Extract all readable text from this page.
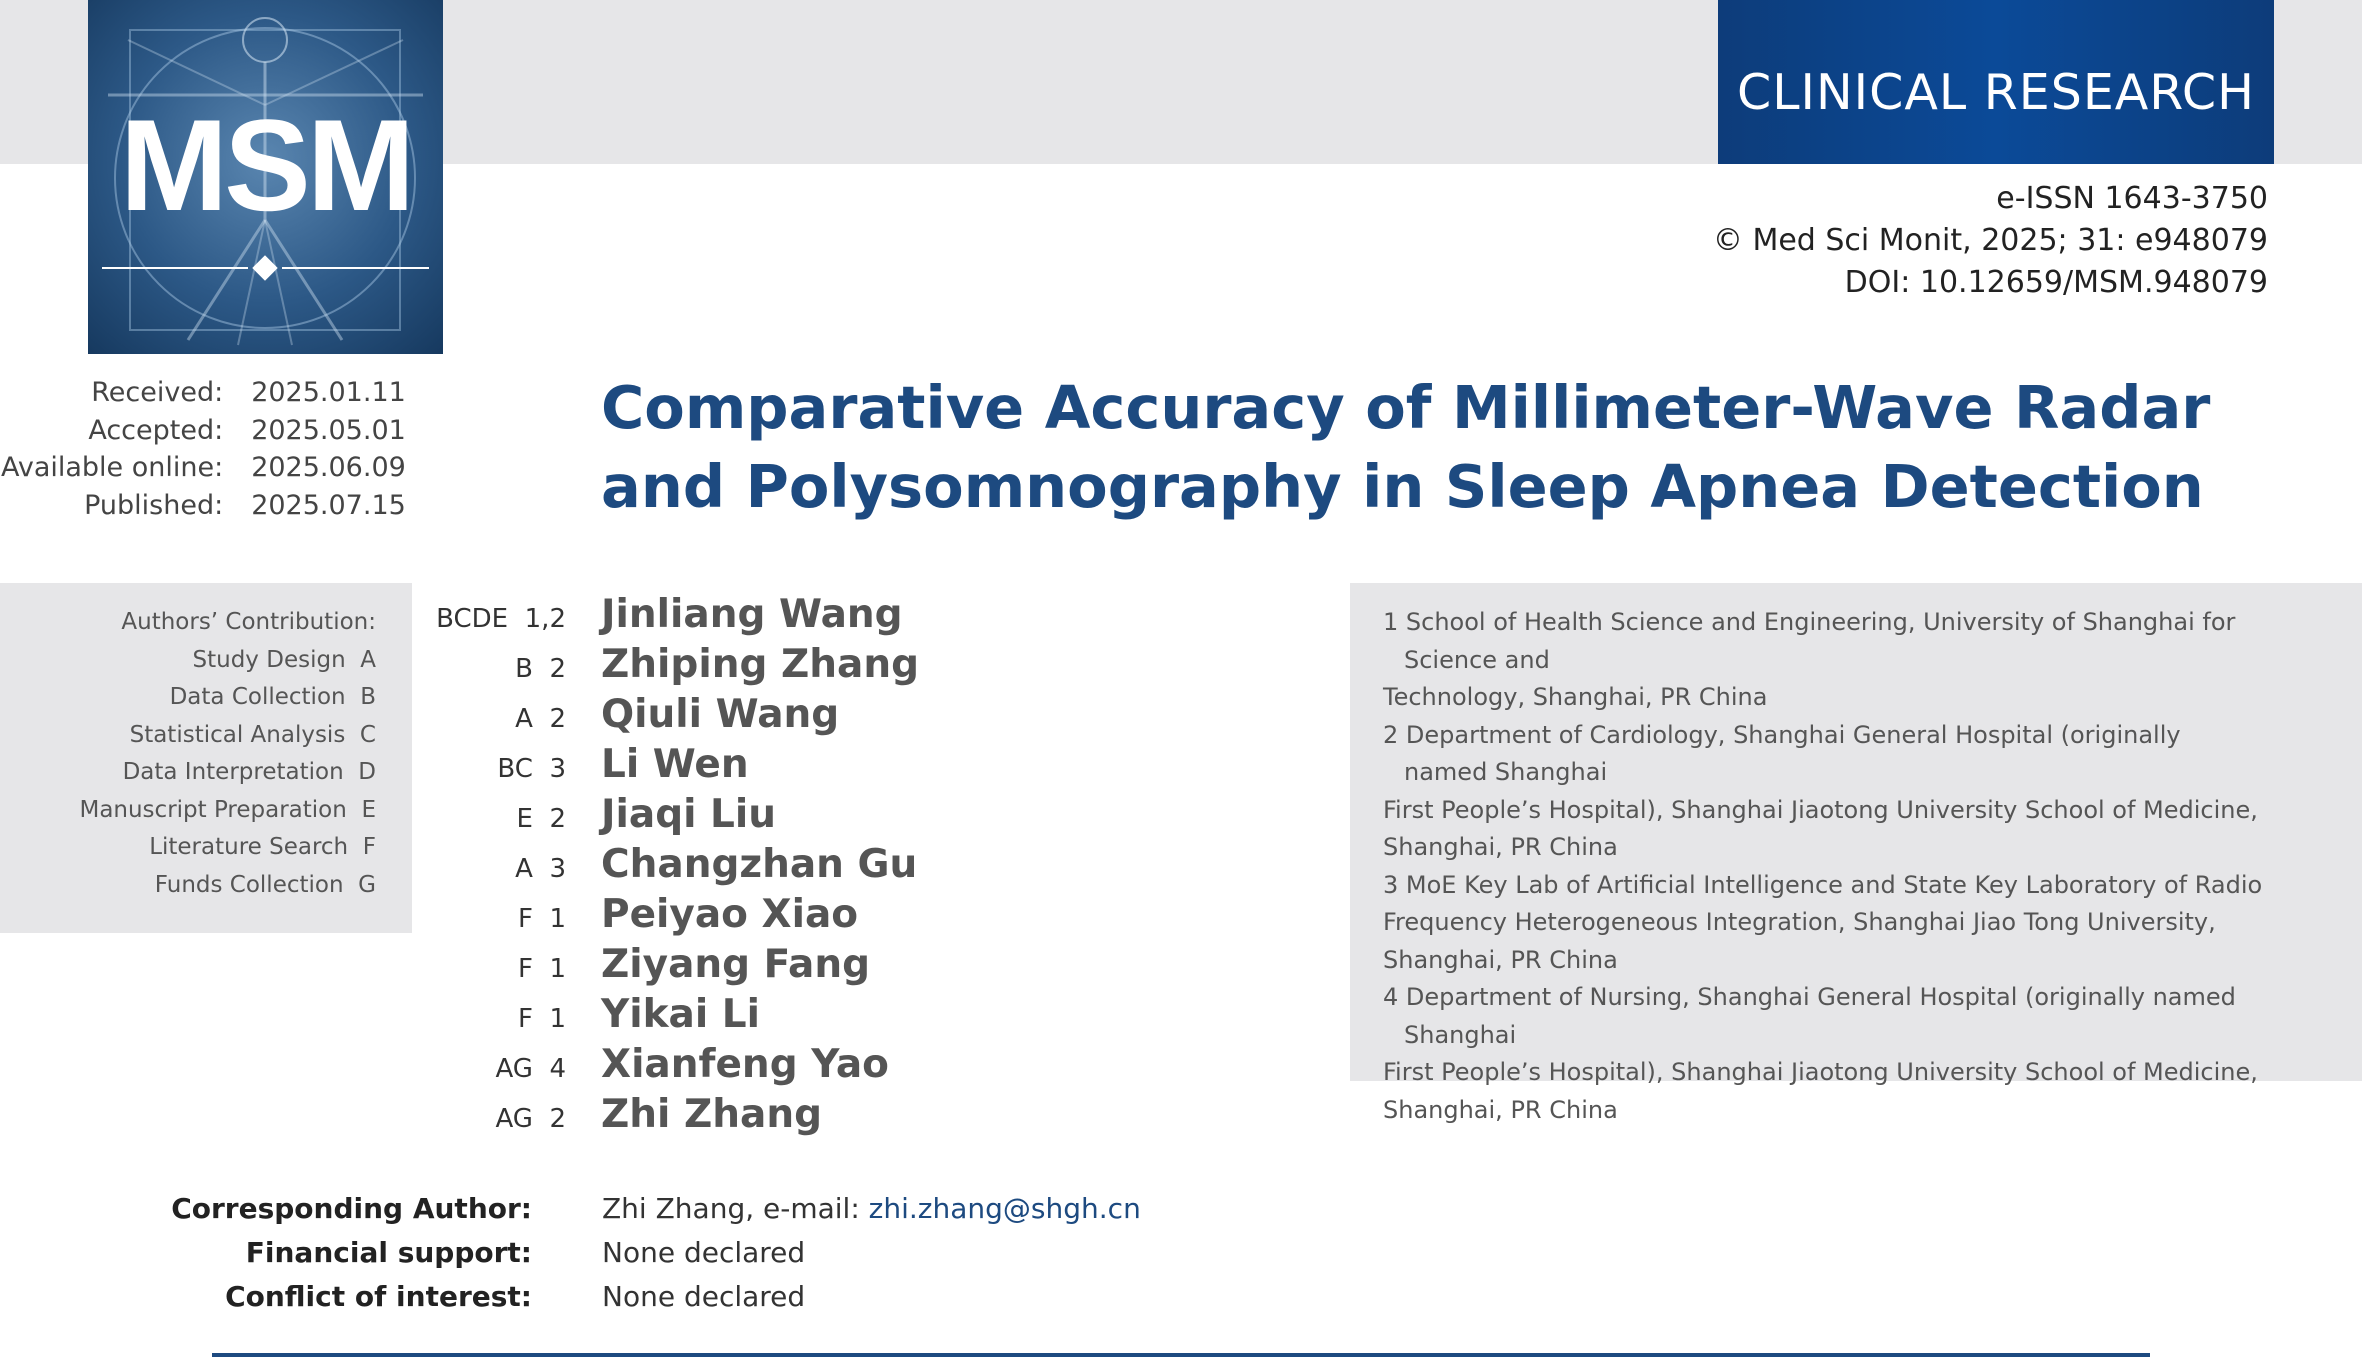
MSM	CLINICAL RESEARCH
e-ISSN 1643-3750
© Med Sci Monit, 2025; 31: e948079
DOI: 10.12659/MSM.948079
Received:	2025.01.11
Accepted:	2025.05.01
Available online:	2025.06.09
Published:	2025.07.15
Comparative Accuracy of Millimeter-Wave Radar
and Polysomnography in Sleep Apnea Detection
Authors’ Contribution:
Study Design  A
Data Collection  B
Statistical Analysis  C
Data Interpretation  D
Manuscript Preparation  E
Literature Search  F
Funds Collection  G
BCDE  1,2 Jinliang Wang
B  2 Zhiping Zhang
A  2 Qiuli Wang
BC  3 Li Wen
E  2 Jiaqi Liu
A  3 Changzhan Gu
F  1 Peiyao Xiao
F  1 Ziyang Fang
F  1 Yikai Li
AG  4 Xianfeng Yao
AG  2 Zhi Zhang
1 School of Health Science and Engineering, University of Shanghai for Science and
Technology, Shanghai, PR China
2 Department of Cardiology, Shanghai General Hospital (originally named Shanghai
First People’s Hospital), Shanghai Jiaotong University School of Medicine,
Shanghai, PR China
3 MoE Key Lab of Artificial Intelligence and State Key Laboratory of Radio
Frequency Heterogeneous Integration, Shanghai Jiao Tong University,
Shanghai, PR China
4 Department of Nursing, Shanghai General Hospital (originally named Shanghai
First People’s Hospital), Shanghai Jiaotong University School of Medicine,
Shanghai, PR China
Corresponding Author:	Zhi Zhang, e-mail: zhi.zhang@shgh.cn
Financial support:	None declared
Conflict of interest:	None declared
